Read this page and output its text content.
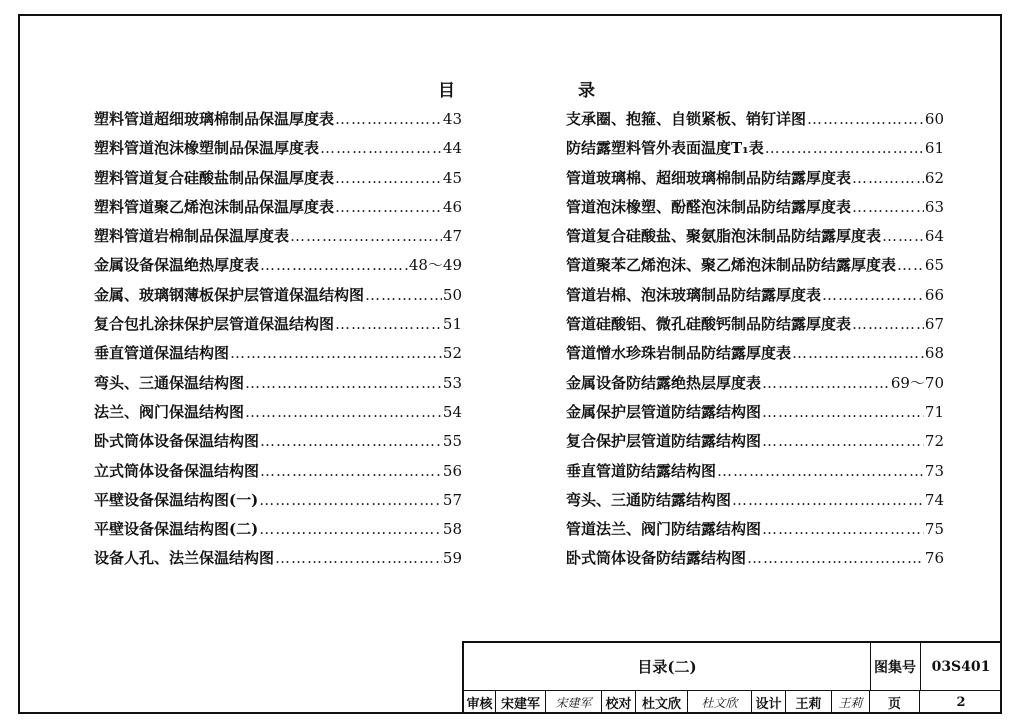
目	录
塑料管道超细玻璃棉制品保温厚度表 ……………………………………………………………………………………………………………………	43
塑料管道泡沫橡塑制品保温厚度表 ……………………………………………………………………………………………………………………	44
塑料管道复合硅酸盐制品保温厚度表 ……………………………………………………………………………………………………………………	45
塑料管道聚乙烯泡沫制品保温厚度表 ……………………………………………………………………………………………………………………	46
塑料管道岩棉制品保温厚度表 ……………………………………………………………………………………………………………………	47
金属设备保温绝热厚度表 ……………………………………………………………………………………………………………………	48～49
金属、玻璃钢薄板保护层管道保温结构图 ……………………………………………………………………………………………………………………	50
复合包扎涂抹保护层管道保温结构图 ……………………………………………………………………………………………………………………	51
垂直管道保温结构图 ……………………………………………………………………………………………………………………	52
弯头、三通保温结构图 ……………………………………………………………………………………………………………………	53
法兰、阀门保温结构图 ……………………………………………………………………………………………………………………	54
卧式筒体设备保温结构图 ……………………………………………………………………………………………………………………	55
立式筒体设备保温结构图 ……………………………………………………………………………………………………………………	56
平壁设备保温结构图(一) ……………………………………………………………………………………………………………………	57
平壁设备保温结构图(二) ……………………………………………………………………………………………………………………	58
设备人孔、法兰保温结构图 ……………………………………………………………………………………………………………………	59
支承圈、抱箍、自锁紧板、销钉详图 ……………………………………………………………………………………………………………………	60
防结露塑料管外表面温度T₁表 ……………………………………………………………………………………………………………………	61
管道玻璃棉、超细玻璃棉制品防结露厚度表 ……………………………………………………………………………………………………………………	62
管道泡沫橡塑、酚醛泡沫制品防结露厚度表 ……………………………………………………………………………………………………………………	63
管道复合硅酸盐、聚氨脂泡沫制品防结露厚度表 ……………………………………………………………………………………………………………………	64
管道聚苯乙烯泡沫、聚乙烯泡沫制品防结露厚度表 …………………………………………………………………………………………………………………… 65
管道岩棉、泡沫玻璃制品防结露厚度表 ……………………………………………………………………………………………………………………	66
管道硅酸铝、微孔硅酸钙制品防结露厚度表 ……………………………………………………………………………………………………………………	67
管道憎水珍珠岩制品防结露厚度表 ……………………………………………………………………………………………………………………	68
金属设备防结露绝热层厚度表 ……………………………………………………………………………………………………………………	69～70
金属保护层管道防结露结构图 ……………………………………………………………………………………………………………………	71
复合保护层管道防结露结构图 ……………………………………………………………………………………………………………………	72
垂直管道防结露结构图 ……………………………………………………………………………………………………………………	73
弯头、三通防结露结构图 ……………………………………………………………………………………………………………………	74
管道法兰、阀门防结露结构图 ……………………………………………………………………………………………………………………	75
卧式筒体设备防结露结构图 ……………………………………………………………………………………………………………………	76
目录(二)	图集号	03S401
审核 宋建军	宋建军	校对 杜文欣	杜文欣	设计	王莉	王莉	页	2
